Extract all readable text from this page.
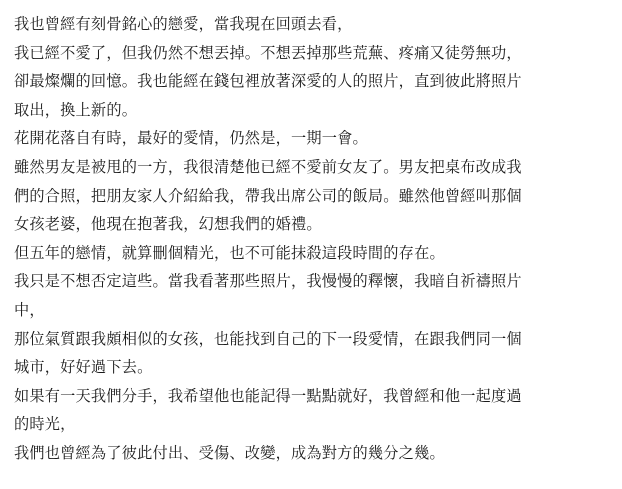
我也曾經有刻骨銘心的戀愛，當我現在回頭去看，

我已經不愛了，但我仍然不想丟掉。不想丟掉那些荒蕪、疼痛又徒勞無功，

卻最燦爛的回憶。我也能經在錢包裡放著深愛的人的照片，直到彼此將照片

取出，換上新的。

花開花落自有時，最好的愛情，仍然是，一期一會。

雖然男友是被甩的一方，我很清楚他已經不愛前女友了。男友把桌布改成我

們的合照，把朋友家人介紹給我，帶我出席公司的飯局。雖然他曾經叫那個

女孩老婆，他現在抱著我，幻想我們的婚禮。

但五年的戀情，就算刪個精光，也不可能抹殺這段時間的存在。

我只是不想否定這些。當我看著那些照片，我慢慢的釋懷，我暗自祈禱照片

中，

那位氣質跟我頗相似的女孩，也能找到自己的下一段愛情，在跟我們同一個

城市，好好過下去。

如果有一天我們分手，我希望他也能記得一點點就好，我曾經和他一起度過

的時光，

我們也曾經為了彼此付出、受傷、改變，成為對方的幾分之幾。
